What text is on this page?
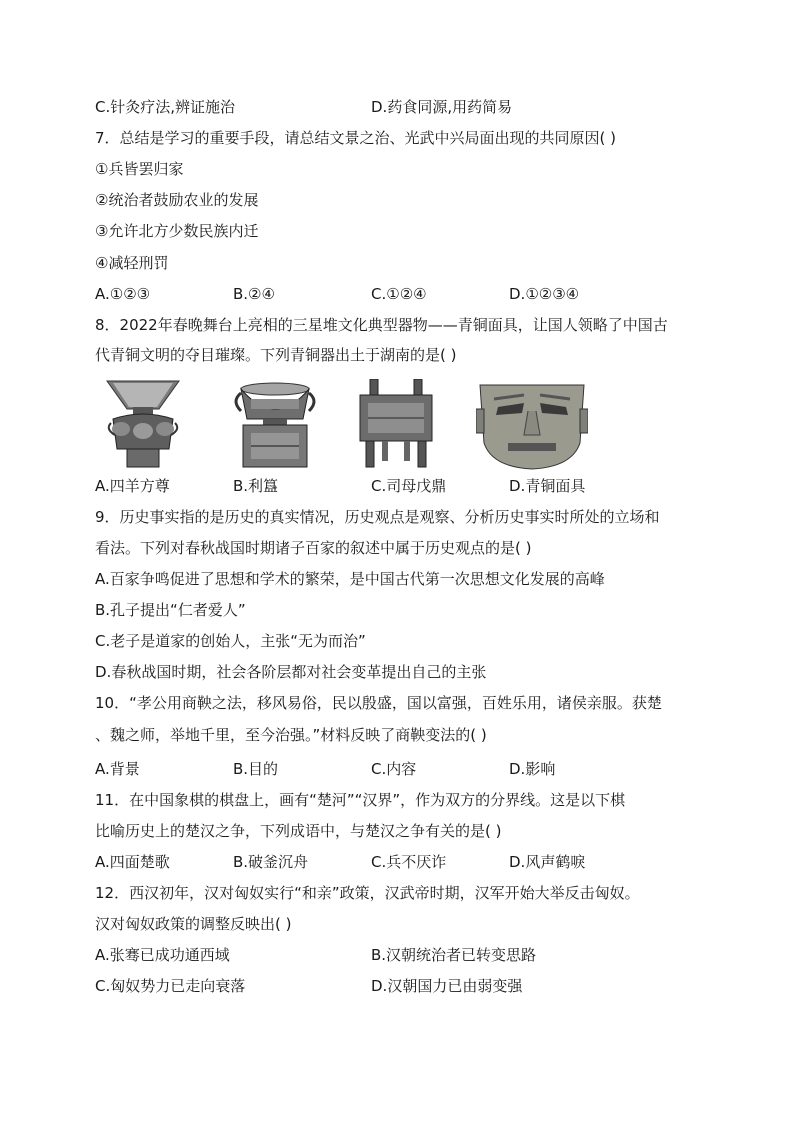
C.针灸疗法,辨证施治	D.药食同源,用药简易
7．总结是学习的重要手段，请总结文景之治、光武中兴局面出现的共同原因( )
①兵皆罢归家
②统治者鼓励农业的发展
③允许北方少数民族内迁
④减轻刑罚
A.①②③	B.②④	C.①②④	D.①②③④
8．2022年春晚舞台上亮相的三星堆文化典型器物——青铜面具，让国人领略了中国古
代青铜文明的夺目璀璨。下列青铜器出土于湖南的是( )
A.四羊方尊	B.利簋	C.司母戊鼎	D.青铜面具
9．历史事实指的是历史的真实情况，历史观点是观察、分析历史事实时所处的立场和
看法。下列对春秋战国时期诸子百家的叙述中属于历史观点的是( )
A.百家争鸣促进了思想和学术的繁荣，是中国古代第一次思想文化发展的高峰
B.孔子提出“仁者爱人”
C.老子是道家的创始人，主张“无为而治”
D.春秋战国时期，社会各阶层都对社会变革提出自己的主张
10．“孝公用商鞅之法，移风易俗，民以殷盛，国以富强，百姓乐用，诸侯亲服。获楚
、魏之师，举地千里，至今治强。”材料反映了商鞅变法的( )
A.背景	B.目的	C.内容	D.影响
11．在中国象棋的棋盘上，画有“楚河”“汉界”，作为双方的分界线。这是以下棋
比喻历史上的楚汉之争，下列成语中，与楚汉之争有关的是( )
A.四面楚歌	B.破釜沉舟	C.兵不厌诈	D.风声鹤唳
12．西汉初年，汉对匈奴实行“和亲”政策，汉武帝时期，汉军开始大举反击匈奴。
汉对匈奴政策的调整反映出( )
A.张骞已成功通西域	B.汉朝统治者已转变思路
C.匈奴势力已走向衰落	D.汉朝国力已由弱变强
